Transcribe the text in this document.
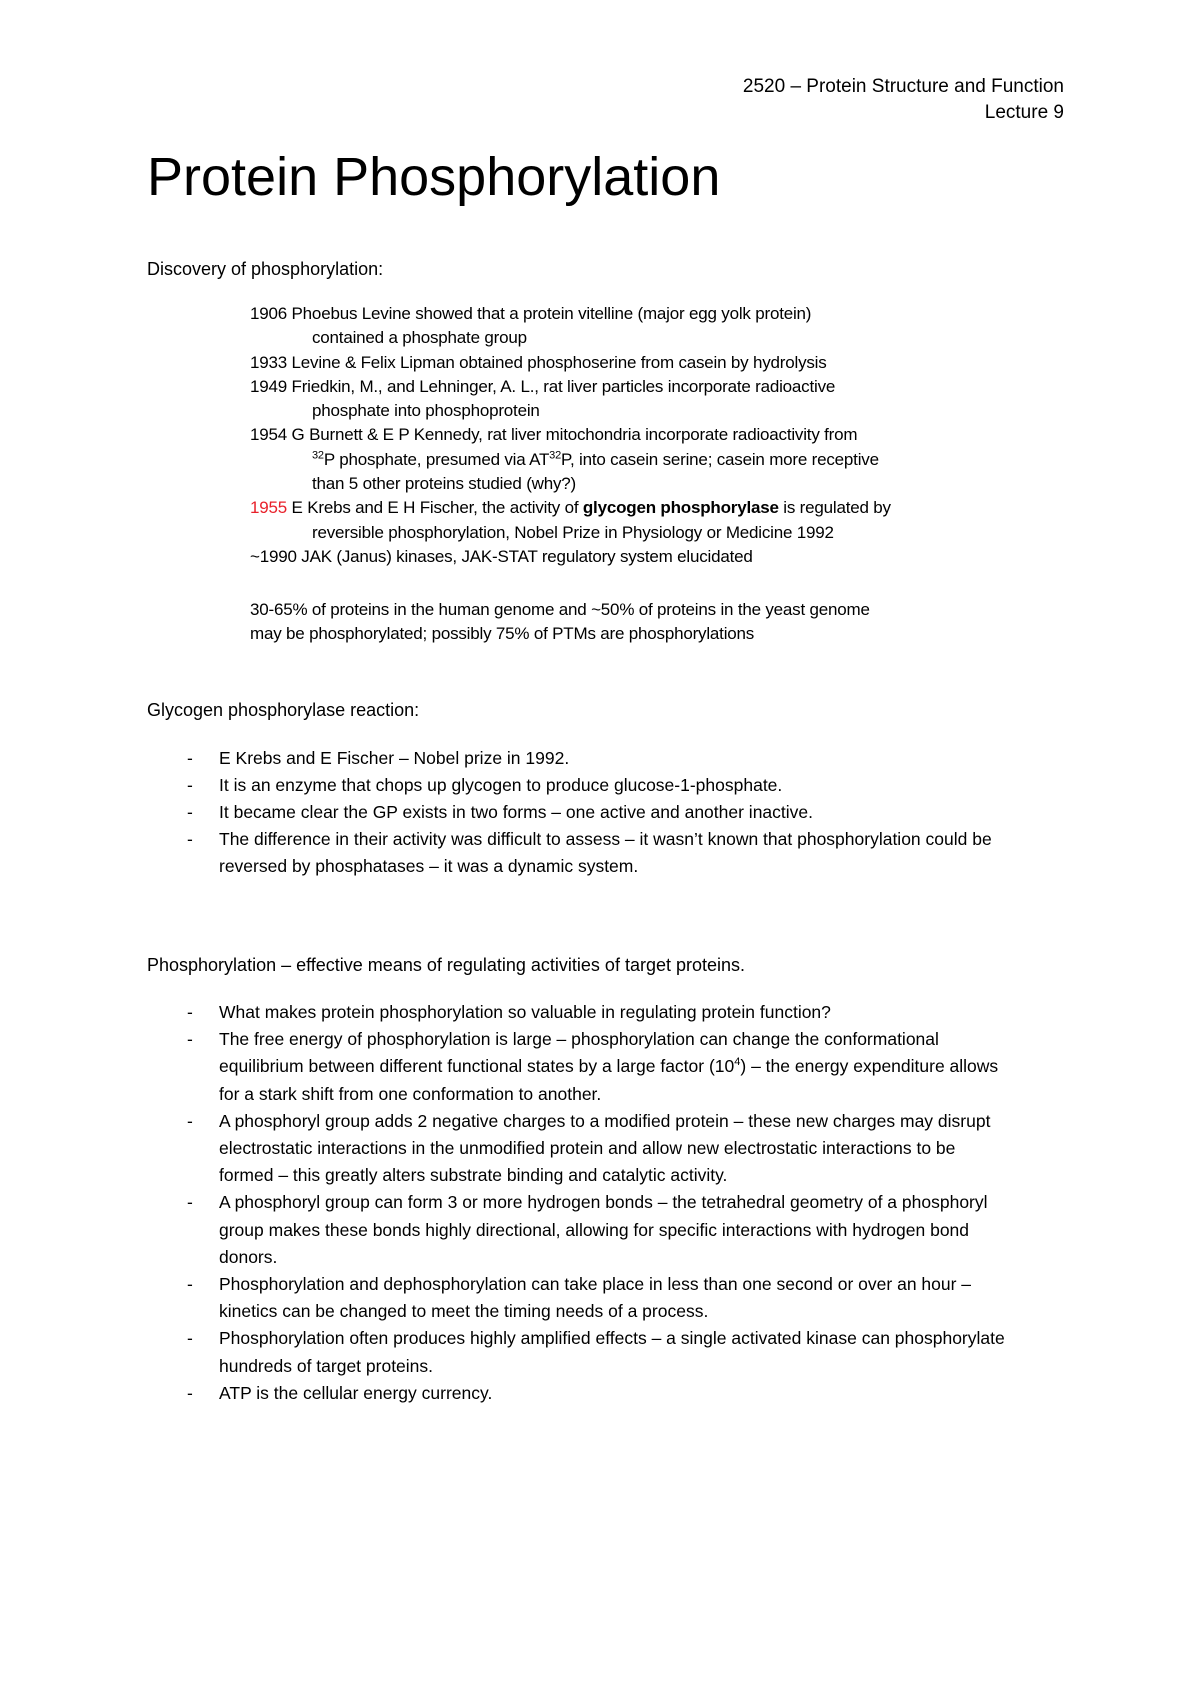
2520 – Protein Structure and Function
Lecture 9
Protein Phosphorylation

Discovery of phosphorylation:

1906 Phoebus Levine showed that a protein vitelline (major egg yolk protein)
contained a phosphate group
1933 Levine & Felix Lipman obtained phosphoserine from casein by hydrolysis
1949 Friedkin, M., and Lehninger, A. L., rat liver particles incorporate radioactive
phosphate into phosphoprotein
1954 G Burnett & E P Kennedy, rat liver mitochondria incorporate radioactivity from
$^{32}$P phosphate, presumed via AT$^{32}$P, into casein serine; casein more receptive
than 5 other proteins studied (why?)
1955 E Krebs and E H Fischer, the activity of glycogen phosphorylase is regulated by
reversible phosphorylation, Nobel Prize in Physiology or Medicine 1992
~1990 JAK (Janus) kinases, JAK-STAT regulatory system elucidated
30-65% of proteins in the human genome and ~50% of proteins in the yeast genome
may be phosphorylated; possibly 75% of PTMs are phosphorylations

Glycogen phosphorylase reaction:

- E Krebs and E Fischer – Nobel prize in 1992.
- It is an enzyme that chops up glycogen to produce glucose-1-phosphate.
- It became clear the GP exists in two forms – one active and another inactive.
- The difference in their activity was difficult to assess – it wasn’t known that phosphorylation could be reversed by phosphatases – it was a dynamic system.

Phosphorylation – effective means of regulating activities of target proteins.

- What makes protein phosphorylation so valuable in regulating protein function?
- The free energy of phosphorylation is large – phosphorylation can change the conformational equilibrium between different functional states by a large factor $(10^4)$ – the energy expenditure allows for a stark shift from one conformation to another.
- A phosphoryl group adds 2 negative charges to a modified protein – these new charges may disrupt electrostatic interactions in the unmodified protein and allow new electrostatic interactions to be formed – this greatly alters substrate binding and catalytic activity.
- A phosphoryl group can form 3 or more hydrogen bonds – the tetrahedral geometry of a phosphoryl group makes these bonds highly directional, allowing for specific interactions with hydrogen bond donors.
- Phosphorylation and dephosphorylation can take place in less than one second or over an hour – kinetics can be changed to meet the timing needs of a process.
- Phosphorylation often produces highly amplified effects – a single activated kinase can phosphorylate hundreds of target proteins.
- ATP is the cellular energy currency.
